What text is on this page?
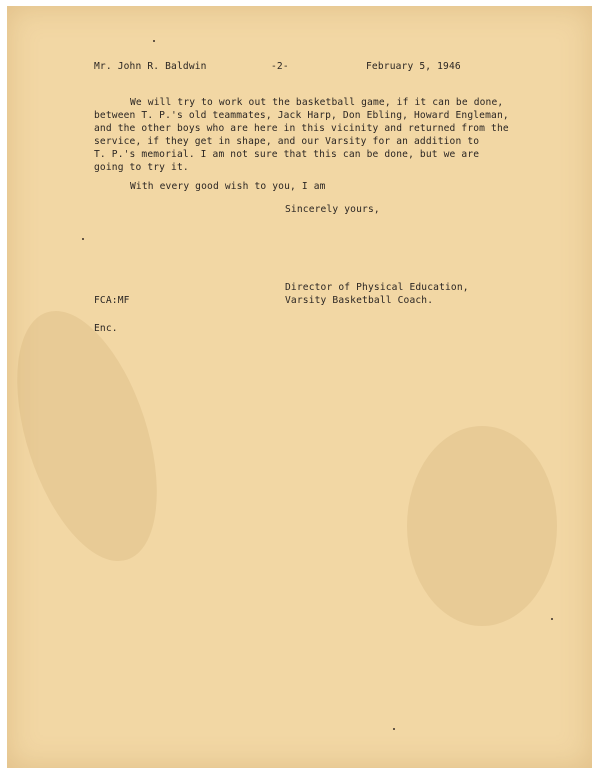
Mr. John R. Baldwin	-2-	February 5, 1946
We will try to work out the basketball game, if it can be done,
between T. P.'s old teammates, Jack Harp, Don Ebling, Howard Engleman,
and the other boys who are here in this vicinity and returned from the
service, if they get in shape, and our Varsity for an addition to
T. P.'s memorial. I am not sure that this can be done, but we are
going to try it.
With every good wish to you, I am
Sincerely yours,
Director of Physical Education,
Varsity Basketball Coach.
FCA:MF
Enc.
